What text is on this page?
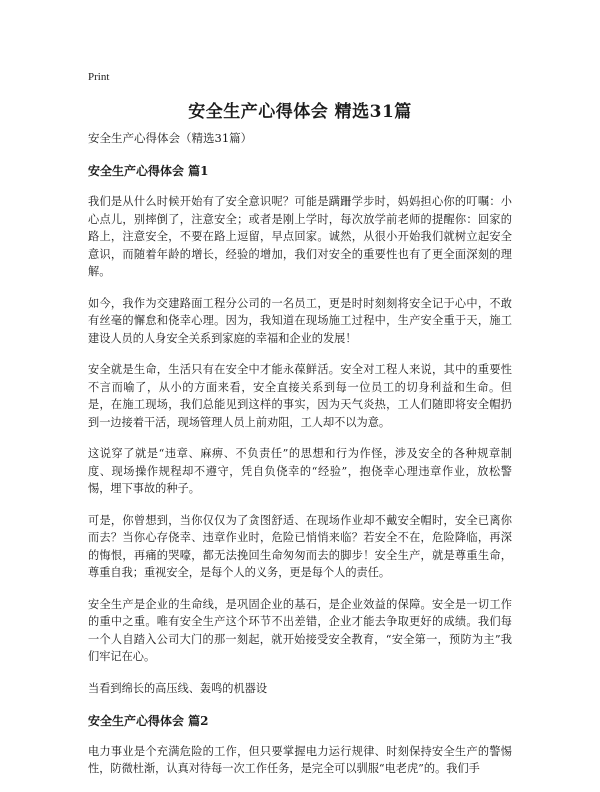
Print
安全生产心得体会 精选31篇

安全生产心得体会（精选31篇）

安全生产心得体会 篇1

我们是从什么时候开始有了安全意识呢？可能是蹒跚学步时，妈妈担心你的叮嘱：小心点儿，别摔倒了，注意安全；或者是刚上学时，每次放学前老师的提醒你：回家的路上，注意安全，不要在路上逗留，早点回家。诚然，从很小开始我们就树立起安全意识，而随着年龄的增长，经验的增加，我们对安全的重要性也有了更全面深刻的理解。

如今，我作为交建路面工程分公司的一名员工，更是时时刻刻将安全记于心中，不敢有丝毫的懈怠和侥幸心理。因为，我知道在现场施工过程中，生产安全重于天，施工建设人员的人身安全关系到家庭的幸福和企业的发展！

安全就是生命，生活只有在安全中才能永葆鲜活。安全对工程人来说，其中的重要性不言而喻了，从小的方面来看，安全直接关系到每一位员工的切身利益和生命。但是，在施工现场，我们总能见到这样的事实，因为天气炎热，工人们随即将安全帽扔到一边接着干活，现场管理人员上前劝阻，工人却不以为意。

这说穿了就是“违章、麻痹、不负责任”的思想和行为作怪，涉及安全的各种规章制度、现场操作规程却不遵守，凭自负侥幸的“经验”，抱侥幸心理违章作业，放松警惕，埋下事故的种子。

可是，你曾想到，当你仅仅为了贪图舒适、在现场作业却不戴安全帽时，安全已离你而去？当你心存侥幸、违章作业时，危险已悄悄来临？若安全不在，危险降临，再深的悔恨，再痛的哭嚎，都无法挽回生命匆匆而去的脚步！安全生产，就是尊重生命，尊重自我；重视安全，是每个人的义务，更是每个人的责任。

安全生产是企业的生命线，是巩固企业的基石，是企业效益的保障。安全是一切工作的重中之重。唯有安全生产这个环节不出差错，企业才能去争取更好的成绩。我们每一个人自踏入公司大门的那一刻起，就开始接受安全教育，“安全第一，预防为主”我们牢记在心。

当看到绵长的高压线、轰鸣的机器设

安全生产心得体会 篇2

电力事业是个充满危险的工作，但只要掌握电力运行规律、时刻保持安全生产的警惕性，防微杜渐，认真对待每一次工作任务，是完全可以驯服“电老虎”的。我们手
